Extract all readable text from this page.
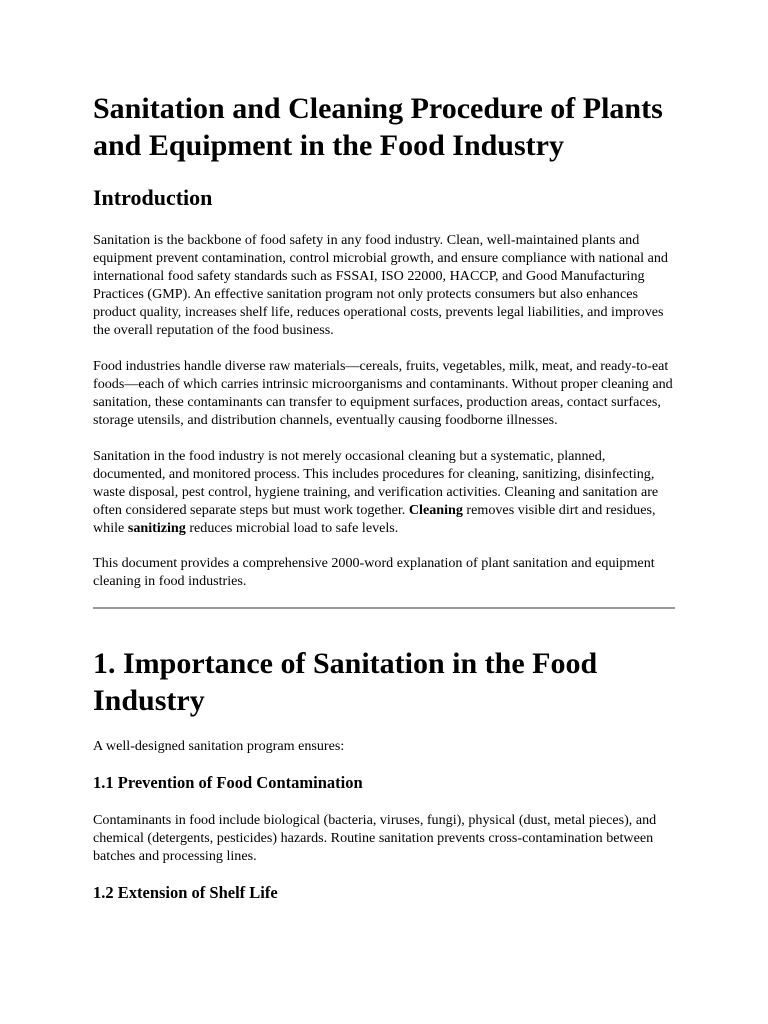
Sanitation and Cleaning Procedure of Plants and Equipment in the Food Industry
Introduction

Sanitation is the backbone of food safety in any food industry. Clean, well-maintained plants and equipment prevent contamination, control microbial growth, and ensure compliance with national and international food safety standards such as FSSAI, ISO 22000, HACCP, and Good Manufacturing Practices (GMP). An effective sanitation program not only protects consumers but also enhances product quality, increases shelf life, reduces operational costs, prevents legal liabilities, and improves the overall reputation of the food business.

Food industries handle diverse raw materials—cereals, fruits, vegetables, milk, meat, and ready-to-eat foods—each of which carries intrinsic microorganisms and contaminants. Without proper cleaning and sanitation, these contaminants can transfer to equipment surfaces, production areas, contact surfaces, storage utensils, and distribution channels, eventually causing foodborne illnesses.

Sanitation in the food industry is not merely occasional cleaning but a systematic, planned, documented, and monitored process. This includes procedures for cleaning, sanitizing, disinfecting, waste disposal, pest control, hygiene training, and verification activities. Cleaning and sanitation are often considered separate steps but must work together. Cleaning removes visible dirt and residues, while sanitizing reduces microbial load to safe levels.

This document provides a comprehensive 2000-word explanation of plant sanitation and equipment cleaning in food industries.

1. Importance of Sanitation in the Food Industry

A well-designed sanitation program ensures:

1.1 Prevention of Food Contamination

Contaminants in food include biological (bacteria, viruses, fungi), physical (dust, metal pieces), and chemical (detergents, pesticides) hazards. Routine sanitation prevents cross-contamination between batches and processing lines.

1.2 Extension of Shelf Life
